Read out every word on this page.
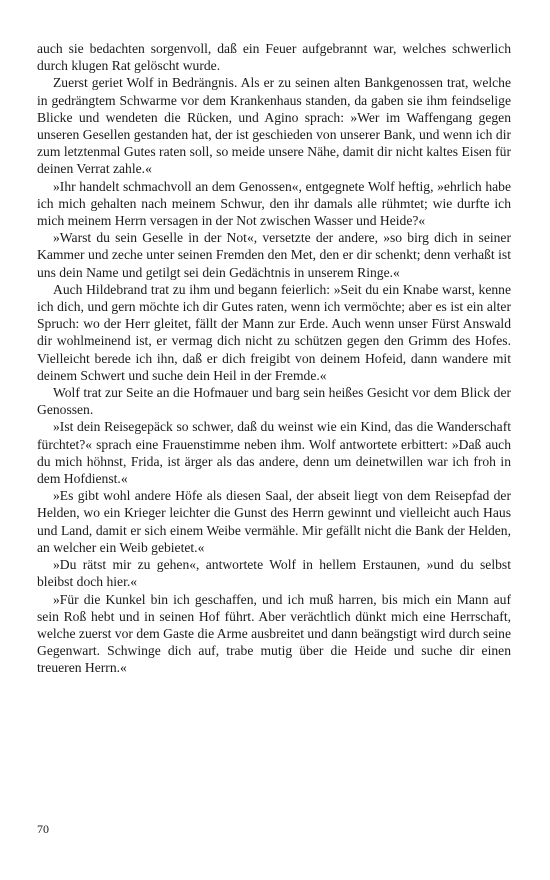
auch sie bedachten sorgenvoll, daß ein Feuer aufgebrannt war, welches schwerlich durch klugen Rat gelöscht wurde.

Zuerst geriet Wolf in Bedrängnis. Als er zu seinen alten Bankgenossen trat, welche in gedrängtem Schwarme vor dem Krankenhaus standen, da gaben sie ihm feindselige Blicke und wendeten die Rücken, und Agino sprach: »Wer im Waffengang gegen unseren Gesellen gestanden hat, der ist geschieden von unserer Bank, und wenn ich dir zum letztenmal Gutes raten soll, so meide unsere Nähe, damit dir nicht kaltes Eisen für deinen Verrat zahle.«

»Ihr handelt schmachvoll an dem Genossen«, entgegnete Wolf heftig, »ehrlich habe ich mich gehalten nach meinem Schwur, den ihr damals alle rühmtet; wie durfte ich mich meinem Herrn versagen in der Not zwischen Wasser und Heide?«

»Warst du sein Geselle in der Not«, versetzte der andere, »so birg dich in seiner Kammer und zeche unter seinen Fremden den Met, den er dir schenkt; denn verhaßt ist uns dein Name und getilgt sei dein Gedächtnis in unserem Ringe.«

Auch Hildebrand trat zu ihm und begann feierlich: »Seit du ein Knabe warst, kenne ich dich, und gern möchte ich dir Gutes raten, wenn ich vermöchte; aber es ist ein alter Spruch: wo der Herr gleitet, fällt der Mann zur Erde. Auch wenn unser Fürst Answald dir wohlmeinend ist, er vermag dich nicht zu schützen gegen den Grimm des Hofes. Vielleicht berede ich ihn, daß er dich freigibt von deinem Hofeid, dann wandere mit deinem Schwert und suche dein Heil in der Fremde.«

Wolf trat zur Seite an die Hofmauer und barg sein heißes Gesicht vor dem Blick der Genossen.

»Ist dein Reisegepäck so schwer, daß du weinst wie ein Kind, das die Wanderschaft fürchtet?« sprach eine Frauenstimme neben ihm. Wolf antwortete erbittert: »Daß auch du mich höhnst, Frida, ist ärger als das andere, denn um deinetwillen war ich froh in dem Hofdienst.«

»Es gibt wohl andere Höfe als diesen Saal, der abseit liegt von dem Reisepfad der Helden, wo ein Krieger leichter die Gunst des Herrn gewinnt und vielleicht auch Haus und Land, damit er sich einem Weibe vermähle. Mir gefällt nicht die Bank der Helden, an welcher ein Weib gebietet.«

»Du rätst mir zu gehen«, antwortete Wolf in hellem Erstaunen, »und du selbst bleibst doch hier.«

»Für die Kunkel bin ich geschaffen, und ich muß harren, bis mich ein Mann auf sein Roß hebt und in seinen Hof führt. Aber verächtlich dünkt mich eine Herrschaft, welche zuerst vor dem Gaste die Arme ausbreitet und dann beängstigt wird durch seine Gegenwart. Schwinge dich auf, trabe mutig über die Heide und suche dir einen treueren Herrn.«

70
